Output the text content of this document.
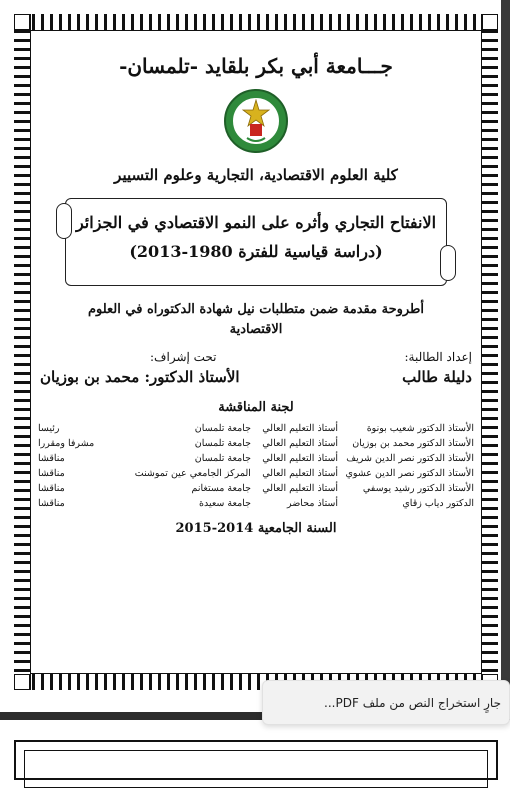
جـــامعة أبي بكر بلقايد -تلمسان-
كلية العلوم الاقتصادية، التجارية وعلوم التسيير
الانفتاح التجاري وأثره على النمو الاقتصادي في الجزائر
(دراسة قياسية للفترة 1980-2013)
أطروحة مقدمة ضمن متطلبات نيل شهادة الدكتوراه في العلوم
الاقتصادية
إعداد الطالبة:
تحت إشراف:
دليلة طالب
الأستاذ الدكتور: محمد بن بوزيان
لجنة المناقشة
الأستاذ الدكتور شعيب بونوة	أستاذ التعليم العالي	جامعة تلمسان	رئيسا
الأستاذ الدكتور محمد بن بوزيان	أستاذ التعليم العالي	جامعة تلمسان	مشرفا ومقررا
الأستاذ الدكتور نصر الدين شريف	أستاذ التعليم العالي	جامعة تلمسان	مناقشا
الأستاذ الدكتور نصر الدين عشوي	أستاذ التعليم العالي	المركز الجامعي عين تموشنت	مناقشا
الأستاذ الدكتور رشيد يوسفي	أستاذ التعليم العالي	جامعة مستغانم	مناقشا
الدكتور دياب زقاي	أستاذ محاضر	جامعة سعيدة	مناقشا
السنة الجامعية 2014-2015
جارٍ استخراج النص من ملف PDF...
